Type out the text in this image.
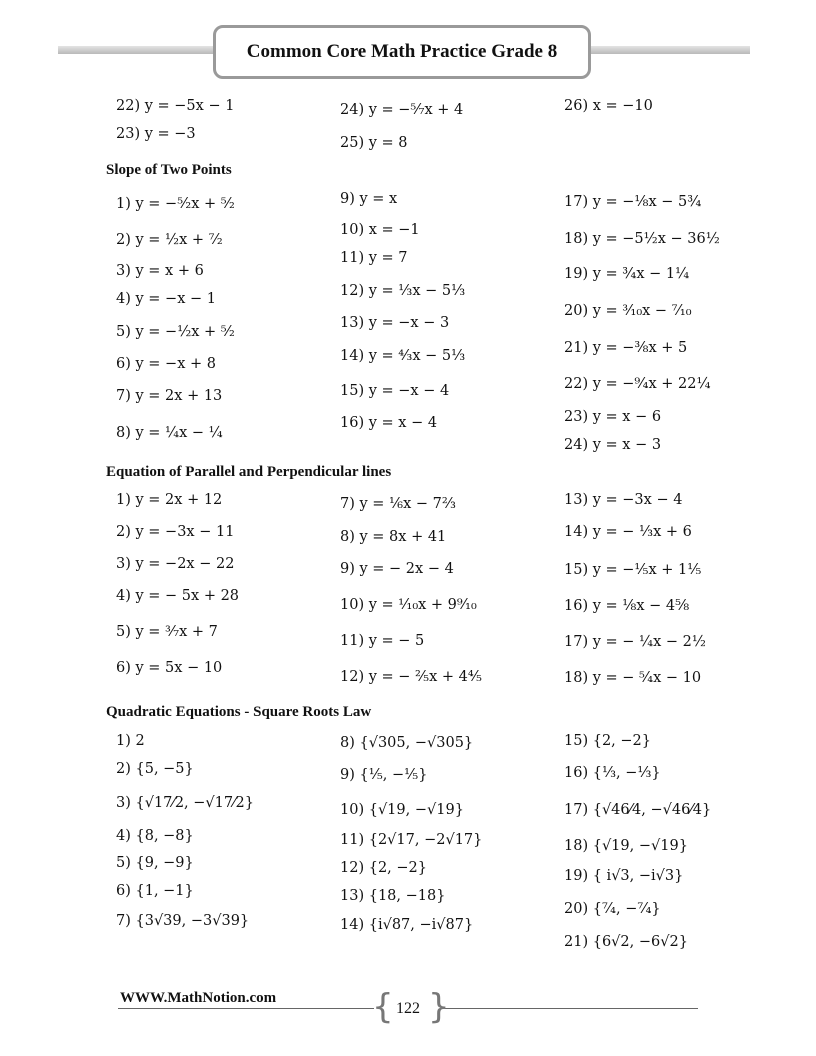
Common Core Math Practice Grade 8
22) y = −5x − 1
23) y = −3
24) y = −⁵⁄₇x + 4
25) y = 8
26) x = −10
Slope of Two Points
1) y = −⁵⁄₂x + ⁵⁄₂
2) y = ½x + ⁷⁄₂
3) y = x + 6
4) y = −x − 1
5) y = −½x + ⁵⁄₂
6) y = −x + 8
7) y = 2x + 13
8) y = ¼x − ¼
9) y = x
10) x = −1
11) y = 7
12) y = ⅓x − 5⅓
13) y = −x − 3
14) y = ⁴⁄₃x − 5⅓
15) y = −x − 4
16) y = x − 4
17) y = −⅛x − 5¾
18) y = −5½x − 36½
19) y = ¾x − 1¼
20) y = ³⁄₁₀x − ⁷⁄₁₀
21) y = −⅜x + 5
22) y = −⁹⁄₄x + 22¼
23) y = x − 6
24) y = x − 3
Equation of Parallel and Perpendicular lines
1) y = 2x + 12
2) y = −3x − 11
3) y = −2x − 22
4) y = − 5x + 28
5) y = ³⁄₇x + 7
6) y = 5x − 10
7) y = ⅙x − 7⅔
8) y = 8x + 41
9) y = − 2x − 4
10) y = ¹⁄₁₀x + 9⁹⁄₁₀
11) y = − 5
12) y = − ⅖x + 4⅘
13) y = −3x − 4
14) y = − ⅓x + 6
15) y = −⅕x + 1⅕
16) y = ⅛x − 4⅝
17) y = − ¼x − 2½
18) y = − ⁵⁄₄x − 10
Quadratic Equations - Square Roots Law
1) 2
2) {5, −5}
3) {√17⁄2, −√17⁄2}
4) {8, −8}
5) {9, −9}
6) {1, −1}
7) {3√39, −3√39}
8) {√305, −√305}
9) {⅕, −⅕}
10) {√19, −√19}
11) {2√17, −2√17}
12) {2, −2}
13) {18, −18}
14) {i√87, −i√87}
15) {2, −2}
16) {⅓, −⅓}
17) {√46⁄4, −√46⁄4}
18) {√19, −√19}
19) { i√3, −i√3}
20) {⁷⁄₄, −⁷⁄₄}
21) {6√2, −6√2}
WWW.MathNotion.com	{ }
122
